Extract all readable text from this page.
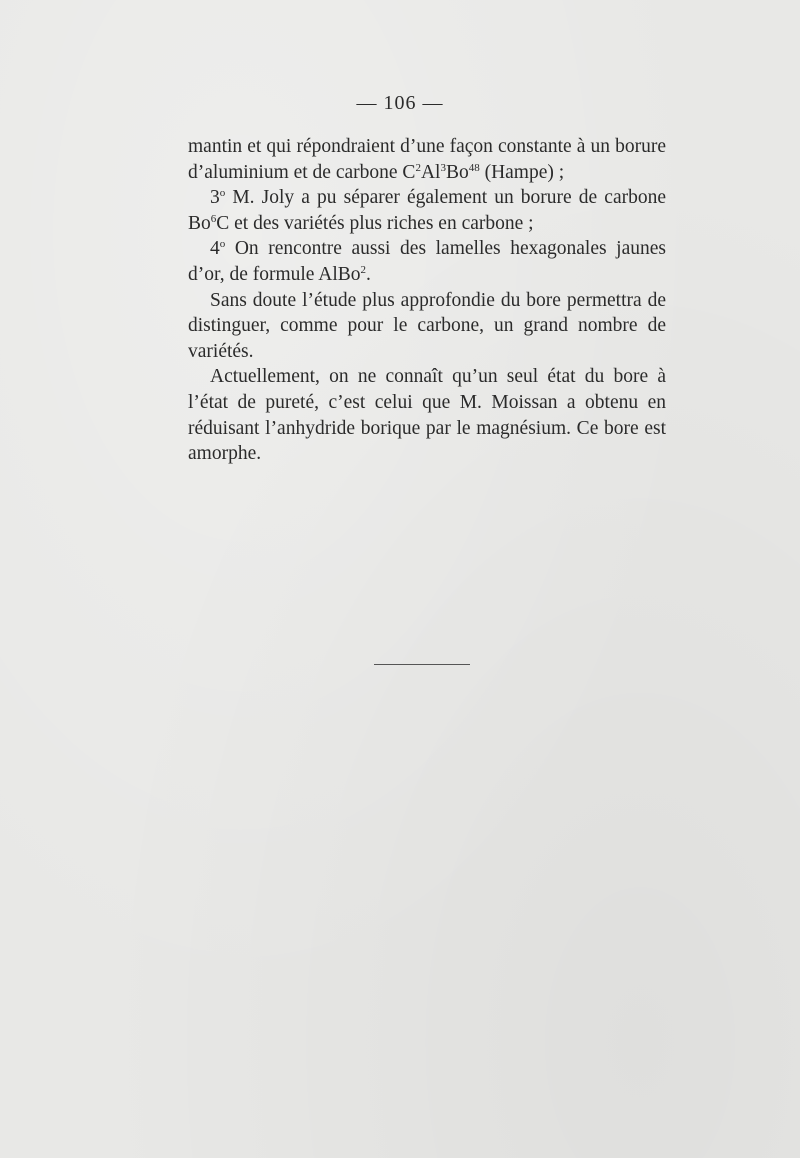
— 106 —

mantin et qui répondraient d’une façon constante à un borure d’aluminium et de carbone $C^2Al^3Bo^{48}$ (Hampe) ;

3$^o$ M. Joly a pu séparer également un borure de carbone Bo$^6$C et des variétés plus riches en carbone ;

4$^o$ On rencontre aussi des lamelles hexagonales jaunes d’or, de formule AlBo$^2$.

Sans doute l’étude plus approfondie du bore permettra de distinguer, comme pour le carbone, un grand nombre de variétés.

Actuellement, on ne connaît qu’un seul état du bore à l’état de pureté, c’est celui que M. Moissan a obtenu en réduisant l’anhydride borique par le magnésium. Ce bore est amorphe.
